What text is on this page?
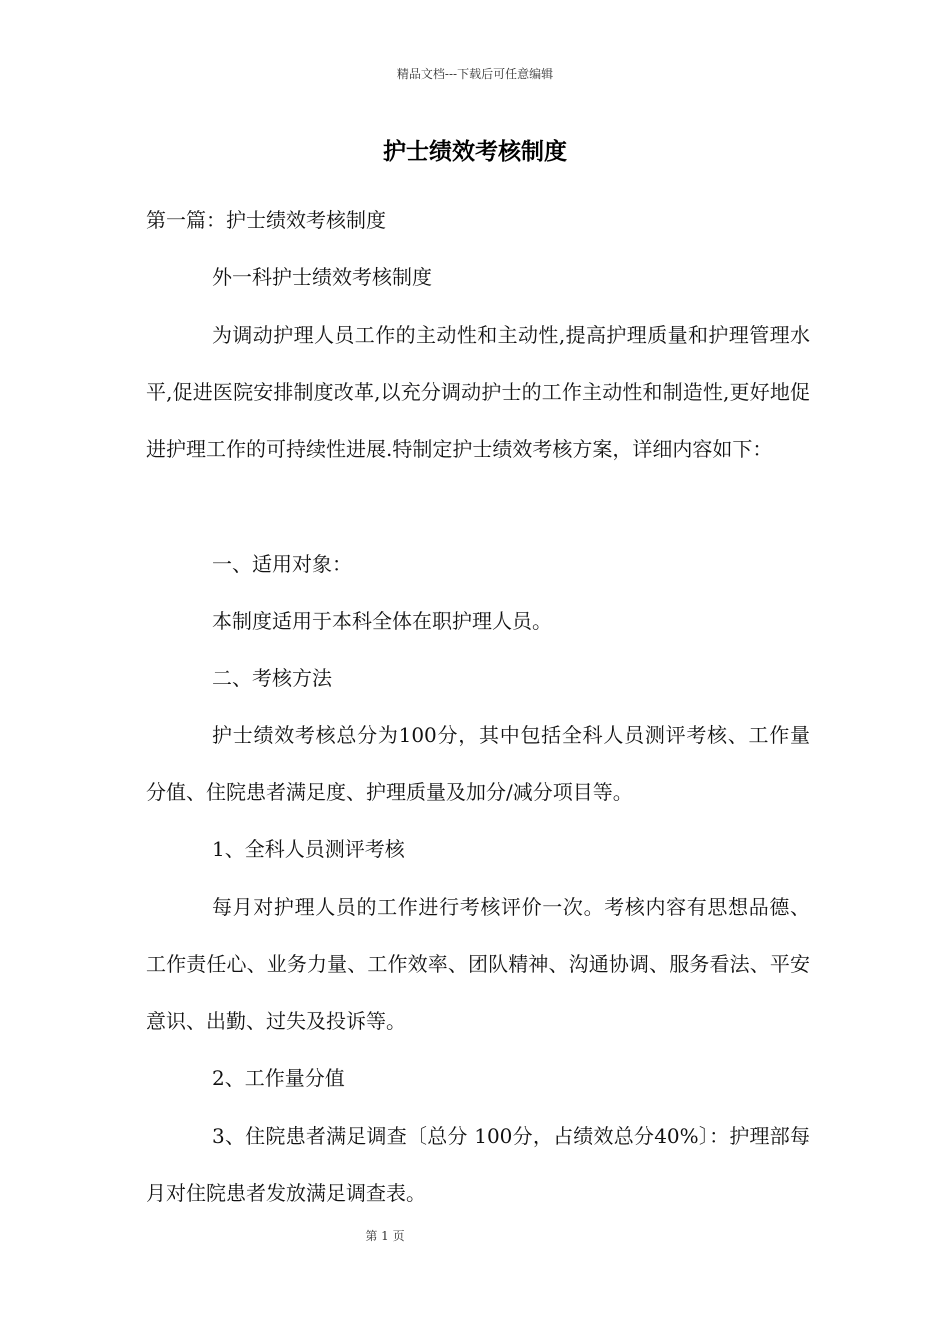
精品文档---下载后可任意编辑
护士绩效考核制度
第一篇：护士绩效考核制度
外一科护士绩效考核制度
为调动护理人员工作的主动性和主动性,提高护理质量和护理管理水平,促进医院安排制度改革,以充分调动护士的工作主动性和制造性,更好地促进护理工作的可持续性进展.特制定护士绩效考核方案，详细内容如下：
一、适用对象：
本制度适用于本科全体在职护理人员。
二、考核方法
护士绩效考核总分为100分，其中包括全科人员测评考核、工作量分值、住院患者满足度、护理质量及加分/减分项目等。
1、全科人员测评考核
每月对护理人员的工作进行考核评价一次。考核内容有思想品德、工作责任心、业务力量、工作效率、团队精神、沟通协调、服务看法、平安意识、出勤、过失及投诉等。
2、工作量分值
3、住院患者满足调查〔总分 100分，占绩效总分40%〕：护理部每月对住院患者发放满足调查表。
第 1 页
